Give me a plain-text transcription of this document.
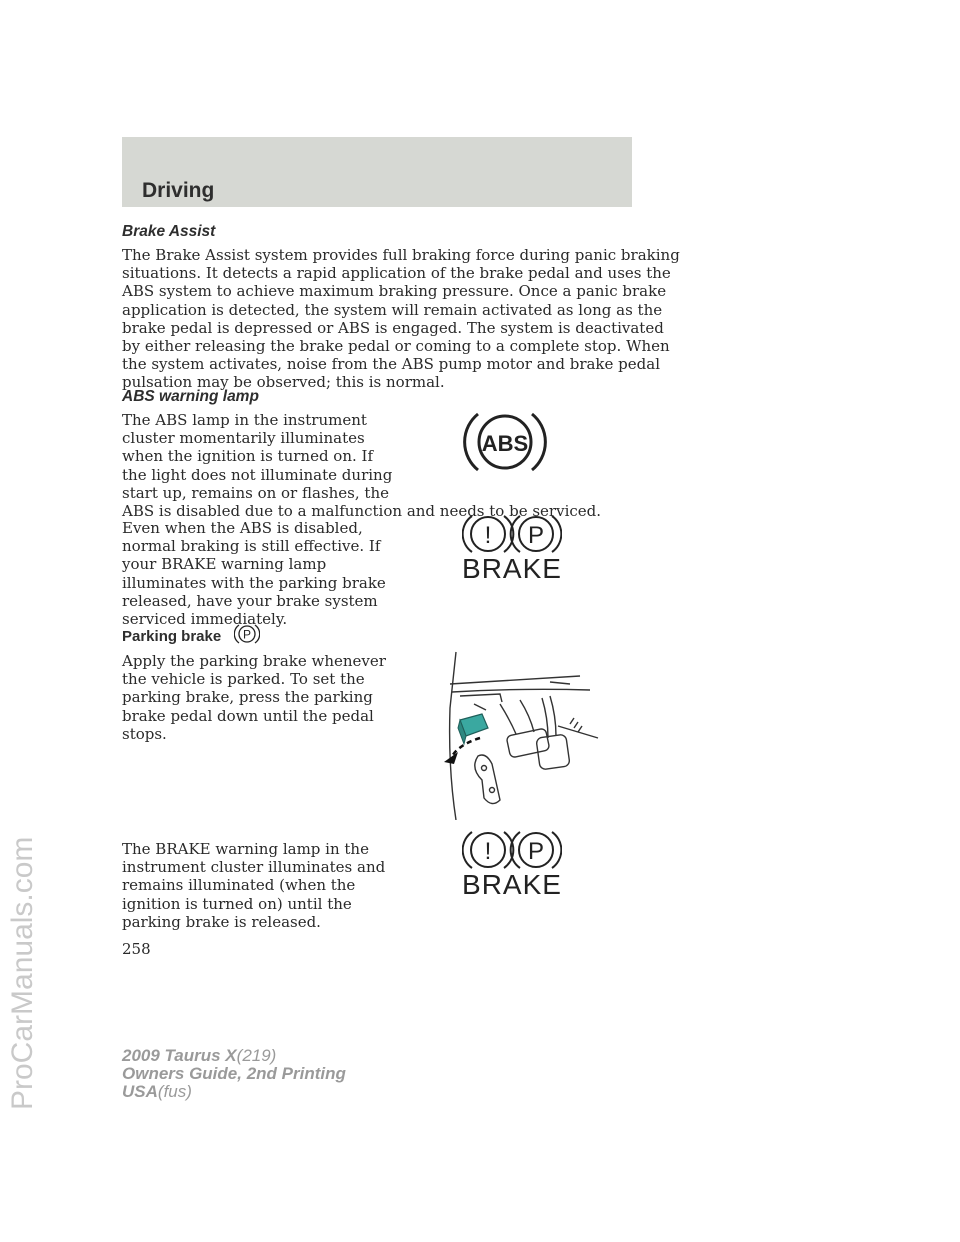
Driving
Brake Assist

The Brake Assist system provides full braking force during panic braking
situations. It detects a rapid application of the brake pedal and uses the
ABS system to achieve maximum braking pressure. Once a panic brake
application is detected, the system will remain activated as long as the
brake pedal is depressed or ABS is engaged. The system is deactivated
by either releasing the brake pedal or coming to a complete stop. When
the system activates, noise from the ABS pump motor and brake pedal
pulsation may be observed; this is normal.

ABS warning lamp

The ABS lamp in the instrument
cluster momentarily illuminates
when the ignition is turned on. If
the light does not illuminate during
start up, remains on or flashes, the
ABS is disabled due to a malfunction and needs to be serviced.

ABS

Even when the ABS is disabled,
normal braking is still effective. If
your BRAKE warning lamp
illuminates with the parking brake
released, have your brake system
serviced immediately.

! P
BRAKE
Parking brake P

Apply the parking brake whenever
the vehicle is parked. To set the
parking brake, press the parking
brake pedal down until the pedal
stops.

The BRAKE warning lamp in the
instrument cluster illuminates and
remains illuminated (when the
ignition is turned on) until the
parking brake is released.

! P
BRAKE
258
2009 Taurus X(219)
Owners Guide, 2nd Printing
USA(fus)
ProCarManuals.com
